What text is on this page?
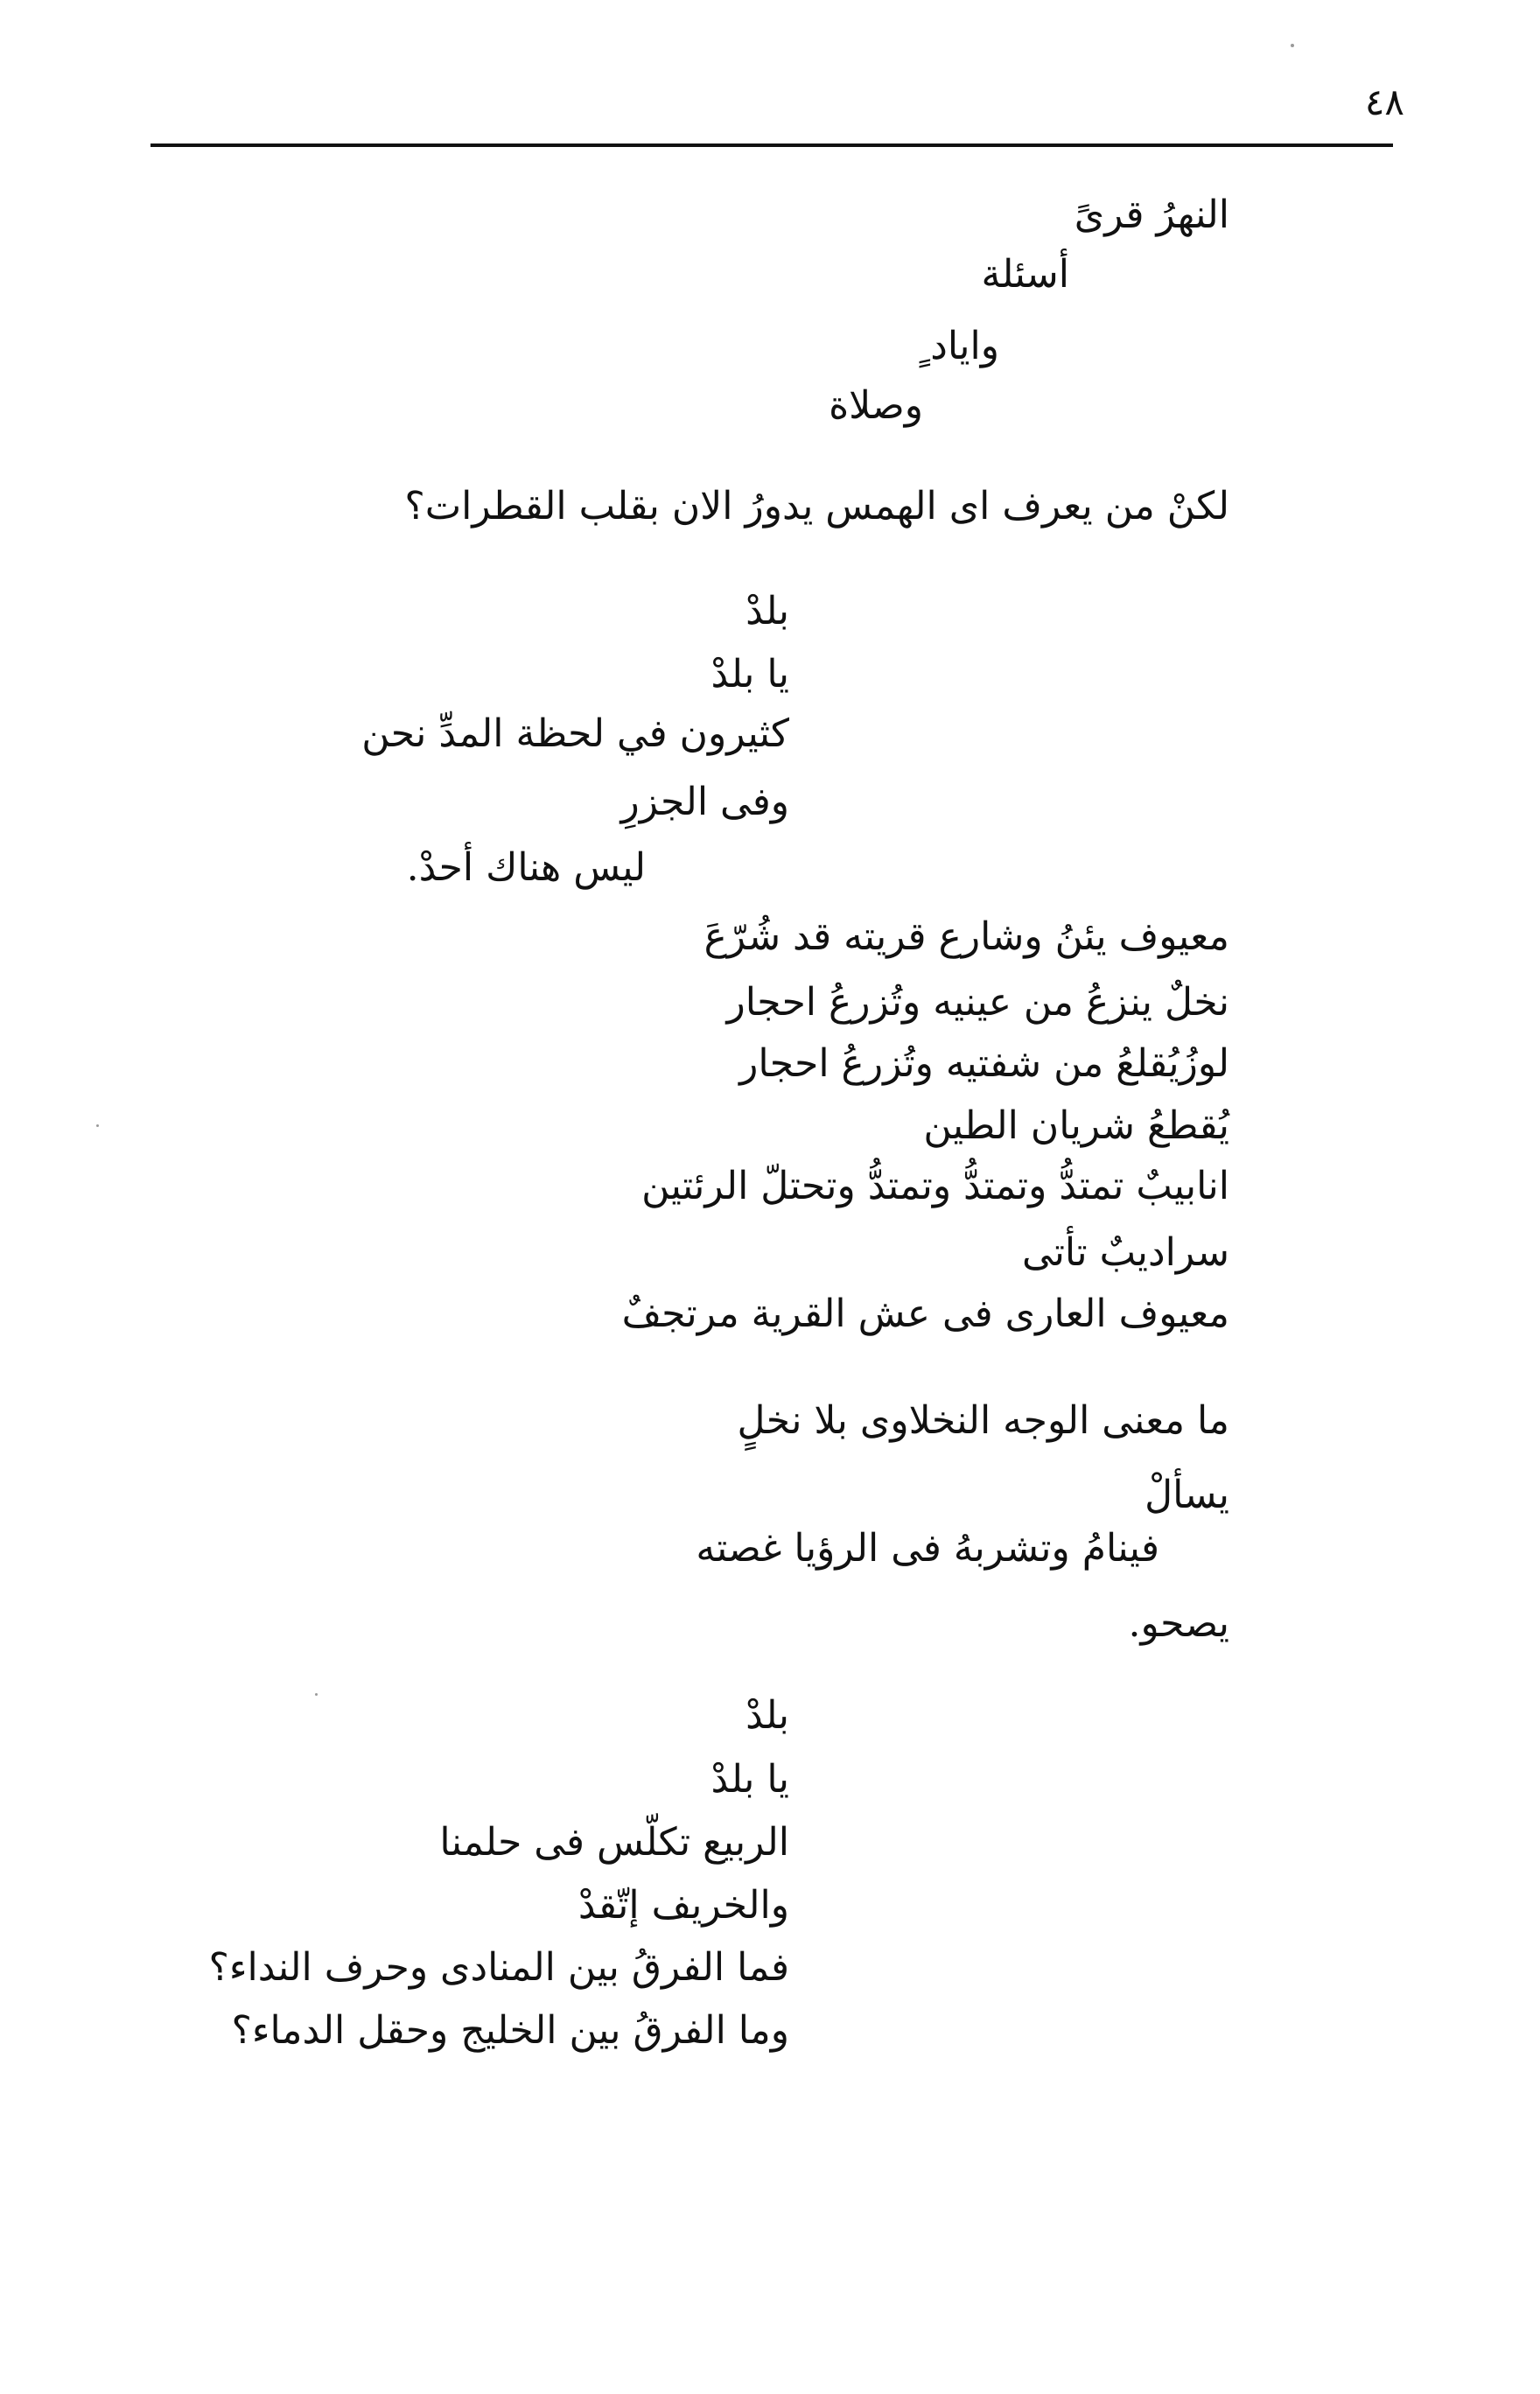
٤٨
النهرُ قرىً
أسئلة
واياد ٍ
وصلاة
لكنْ من يعرف اى الهمس يدورُ الان بقلب القطرات؟
بلدْ
يا بلدْ
كثيرون في لحظة المدِّ نحن
وفى الجزرِ
ليس هناك أحدْ.
معيوف يئنُ وشارع قريته قد شُرّعَ
نخلٌ ينزعُ من عينيه وتُزرعُ احجار
لوزُيُقلعُ من شفتيه وتُزرعُ احجار
يُقطعُ شريان الطين
انابيبٌ تمتدُّ وتمتدُّ وتمتدُّ وتحتلّ الرئتين
سراديبٌ تأتى
معيوف العارى فى عش القرية مرتجفٌ
ما معنى الوجه النخلاوى بلا نخلٍ
يسألْ
فينامُ وتشربهُ فى الرؤيا غصته
يصحو.
بلدْ
يا بلدْ
الربيع تكلّس فى حلمنا
والخريف إتّقدْ
فما الفرقُ بين المنادى وحرف النداء؟
وما الفرقُ بين الخليج وحقل الدماء؟
